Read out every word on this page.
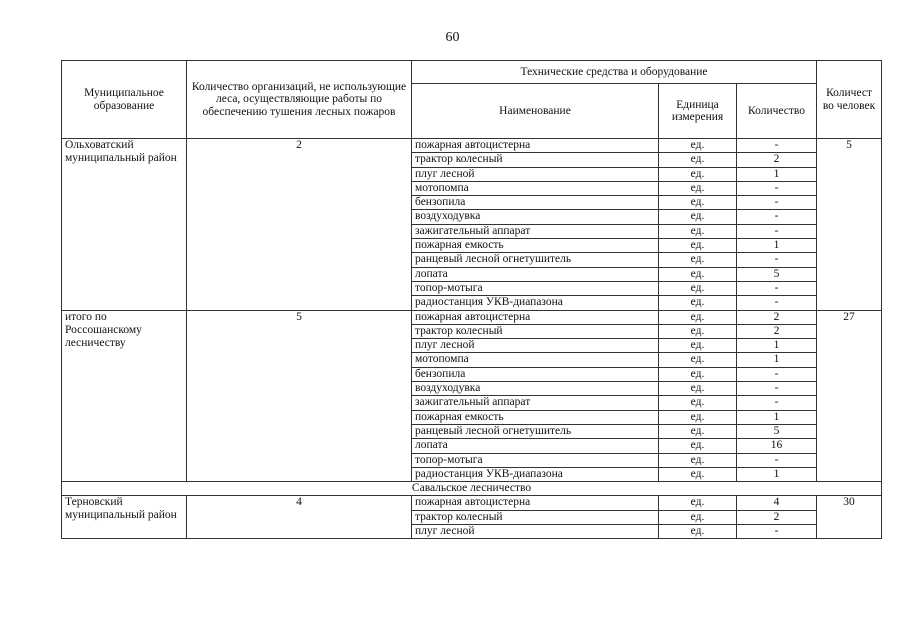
60
Муниципальное образование	Количество организаций, не использующие леса, осуществляющие работы по обеспечению тушения лесных пожаров	Технические средства и оборудование			Количест во человек
		Наименование	Единица измерения	Количество	
Ольховатский муниципальный район	2	пожарная автоцистерна	ед.	-	5
		трактор колесный	ед.	2	
		плуг лесной	ед.	1	
		мотопомпа	ед.	-	
		бензопила	ед.	-	
		воздуходувка	ед.	-	
		зажигательный аппарат	ед.	-	
		пожарная емкость	ед.	1	
		ранцевый лесной огнетушитель	ед.	-	
		лопата	ед.	5	
		топор-мотыга	ед.	-	
		радиостанция УКВ-диапазона	ед.	-	
итого по Россошанскому лесничеству	5	пожарная автоцистерна	ед.	2	27
		трактор колесный	ед.	2	
		плуг лесной	ед.	1	
		мотопомпа	ед.	1	
		бензопила	ед.	-	
		воздуходувка	ед.	-	
		зажигательный аппарат	ед.	-	
		пожарная емкость	ед.	1	
		ранцевый лесной огнетушитель	ед.	5	
		лопата	ед.	16	
		топор-мотыга	ед.	-	
		радиостанция УКВ-диапазона	ед.	1	
Савальское лесничество					
Терновский муниципальный район	4	пожарная автоцистерна	ед.	4	30
		трактор колесный	ед.	2	
		плуг лесной	ед.	-	
